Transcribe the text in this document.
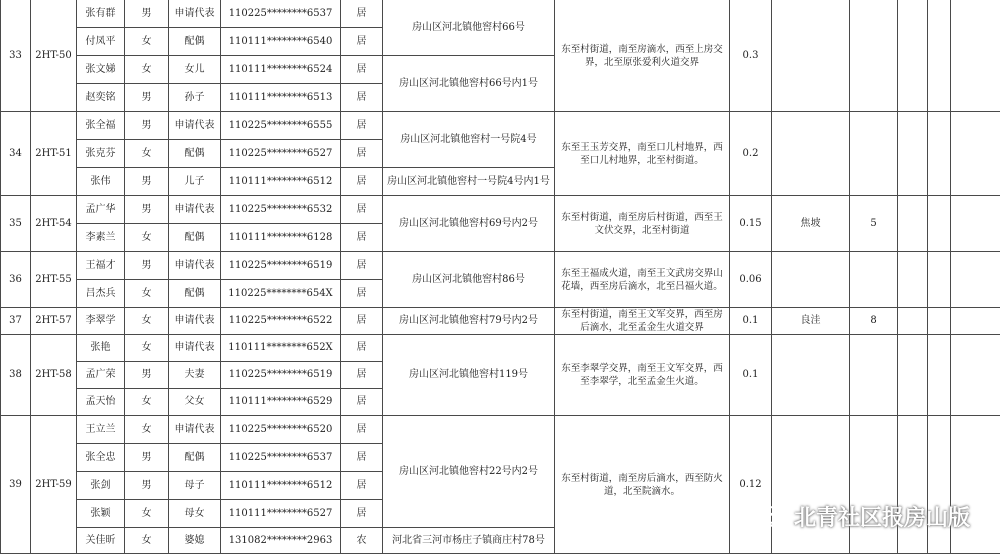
33	2HT-50	张有群	男	申请代表	110225********6537	居	房山区河北镇他窖村66号	东至村街道，南至房滴水，西至上房交界，北至原张爱利火道交界	0.3						
		付凤平	女	配偶	110111********6540	居									
		张文娣	女	女儿	110111********6524	居	房山区河北镇他窖村66号内1号								
		赵奕铭	男	孙子	110111********6513	居									
34	2HT-51	张全福	男	申请代表	110225********6555	居	房山区河北镇他窖村一号院4号	东至王玉芳交界，南至口儿村地界，西至口儿村地界，北至村街道。	0.2						
		张克芬	女	配偶	110225********6527	居									
		张伟	男	儿子	110111********6512	居	房山区河北镇他窖村一号院4号内1号								
35	2HT-54	孟广华	男	申请代表	110225********6532	居	房山区河北镇他窖村69号内2号	东至村街道，南至房后村街道，西至王文伏交界，北至村街道	0.15	焦坡	5				
		李素兰	女	配偶	110111********6128	居									
36	2HT-55	王福才	男	申请代表	110225********6519	居	房山区河北镇他窖村86号	东至王福成火道，南至王文武房交界山花墙，西至房后滴水，北至吕福火道。	0.06						
		吕杰兵	女	配偶	110225********654X	居									
37	2HT-57	李翠学	女	申请代表	110225********6522	居	房山区河北镇他窖村79号内2号	东至村街道，南至王文军交界，西至房后滴水，北至孟金生火道交界	0.1	良洼	8				
38	2HT-58	张艳	女	申请代表	110111********652X	居	房山区河北镇他窖村119号	东至李翠学交界，南至王文军交界，西至李翠学，北至孟金生火道。	0.1						
		孟广荣	男	夫妻	110225********6519	居									
		孟天怡	女	父女	110111********6529	居									
39	2HT-59	王立兰	女	申请代表	110225********6520	居	房山区河北镇他窖村22号内2号	东至村街道，南至房后滴水，西至防火道，北至院滴水。	0.12						
		张全忠	男	配偶	110225********6537	居									
		张剑	男	母子	110111********6512	居									
		张颖	女	母女	110111********6527	居									
		关佳昕	女	婆媳	131082********2963	农	河北省三河市杨庄子镇商庄村78号								
北青社区报房山版
